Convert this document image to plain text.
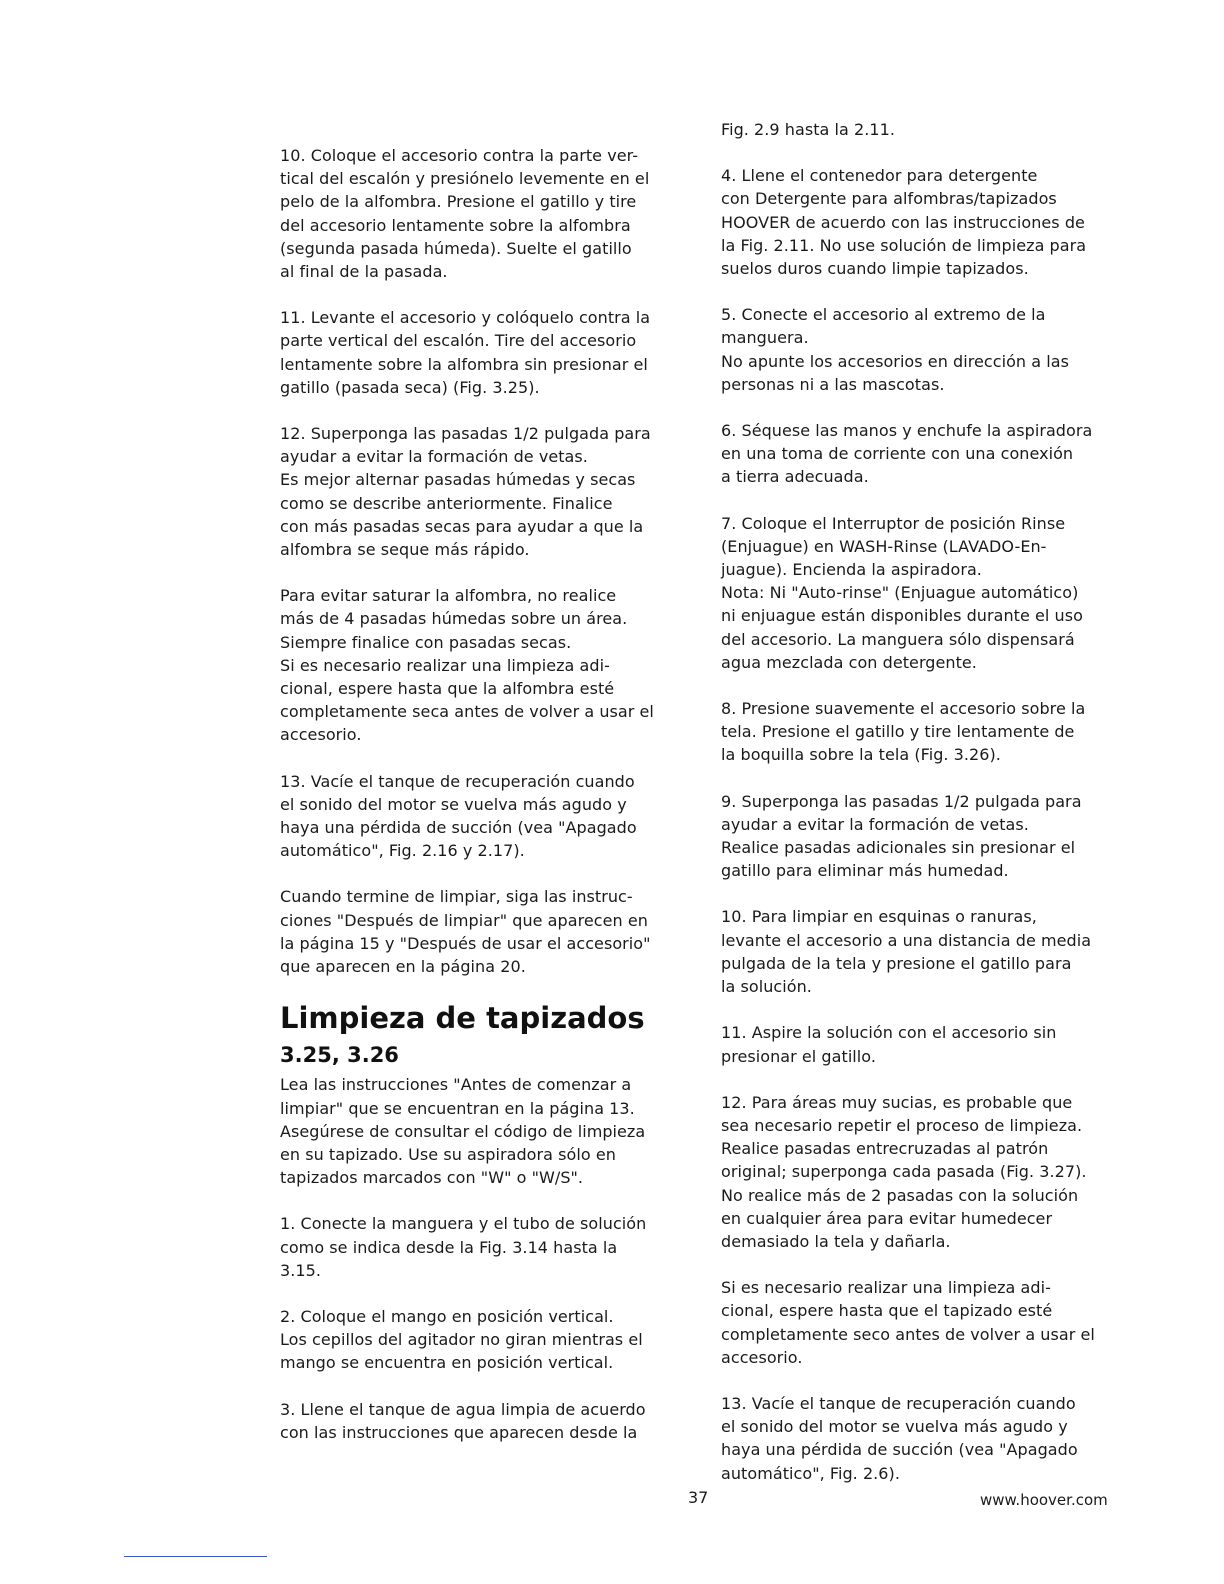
10. Coloque el accesorio contra la parte ver-
tical del escalón y presiónelo levemente en el
pelo de la alfombra. Presione el gatillo y tire
del accesorio lentamente sobre la alfombra
(segunda pasada húmeda). Suelte el gatillo
al final de la pasada.

11. Levante el accesorio y colóquelo contra la
parte vertical del escalón. Tire del accesorio
lentamente sobre la alfombra sin presionar el
gatillo (pasada seca) (Fig. 3.25).

12. Superponga las pasadas 1/2 pulgada para
ayudar a evitar la formación de vetas.
Es mejor alternar pasadas húmedas y secas
como se describe anteriormente. Finalice
con más pasadas secas para ayudar a que la
alfombra se seque más rápido.

Para evitar saturar la alfombra, no realice
más de 4 pasadas húmedas sobre un área.
Siempre finalice con pasadas secas.
Si es necesario realizar una limpieza adi-
cional, espere hasta que la alfombra esté
completamente seca antes de volver a usar el
accesorio.

13. Vacíe el tanque de recuperación cuando
el sonido del motor se vuelva más agudo y
haya una pérdida de succión (vea "Apagado
automático", Fig. 2.16 y 2.17).

Cuando termine de limpiar, siga las instruc-
ciones "Después de limpiar" que aparecen en
la página 15 y "Después de usar el accesorio"
que aparecen en la página 20.

Limpieza de tapizados
3.25, 3.26

Lea las instrucciones "Antes de comenzar a
limpiar" que se encuentran en la página 13.
Asegúrese de consultar el código de limpieza
en su tapizado. Use su aspiradora sólo en
tapizados marcados con "W" o "W/S".

1. Conecte la manguera y el tubo de solución
como se indica desde la Fig. 3.14 hasta la
3.15.

2. Coloque el mango en posición vertical.
Los cepillos del agitador no giran mientras el
mango se encuentra en posición vertical.

3. Llene el tanque de agua limpia de acuerdo
con las instrucciones que aparecen desde la

Fig. 2.9 hasta la 2.11.

4. Llene el contenedor para detergente
con Detergente para alfombras/tapizados
HOOVER de acuerdo con las instrucciones de
la Fig. 2.11. No use solución de limpieza para
suelos duros cuando limpie tapizados.

5. Conecte el accesorio al extremo de la
manguera.
No apunte los accesorios en dirección a las
personas ni a las mascotas.

6. Séquese las manos y enchufe la aspiradora
en una toma de corriente con una conexión
a tierra adecuada.

7. Coloque el Interruptor de posición Rinse
(Enjuague) en WASH-Rinse (LAVADO-En-
juague). Encienda la aspiradora.
Nota: Ni "Auto-rinse" (Enjuague automático)
ni enjuague están disponibles durante el uso
del accesorio. La manguera sólo dispensará
agua mezclada con detergente.

8. Presione suavemente el accesorio sobre la
tela. Presione el gatillo y tire lentamente de
la boquilla sobre la tela (Fig. 3.26).

9. Superponga las pasadas 1/2 pulgada para
ayudar a evitar la formación de vetas.
Realice pasadas adicionales sin presionar el
gatillo para eliminar más humedad.

10. Para limpiar en esquinas o ranuras,
levante el accesorio a una distancia de media
pulgada de la tela y presione el gatillo para
la solución.

11. Aspire la solución con el accesorio sin
presionar el gatillo.

12. Para áreas muy sucias, es probable que
sea necesario repetir el proceso de limpieza.
Realice pasadas entrecruzadas al patrón
original; superponga cada pasada (Fig. 3.27).
No realice más de 2 pasadas con la solución
en cualquier área para evitar humedecer
demasiado la tela y dañarla.

Si es necesario realizar una limpieza adi-
cional, espere hasta que el tapizado esté
completamente seco antes de volver a usar el
accesorio.

13. Vacíe el tanque de recuperación cuando
el sonido del motor se vuelva más agudo y
haya una pérdida de succión (vea "Apagado
automático", Fig. 2.6).

37	www.hoover.com
